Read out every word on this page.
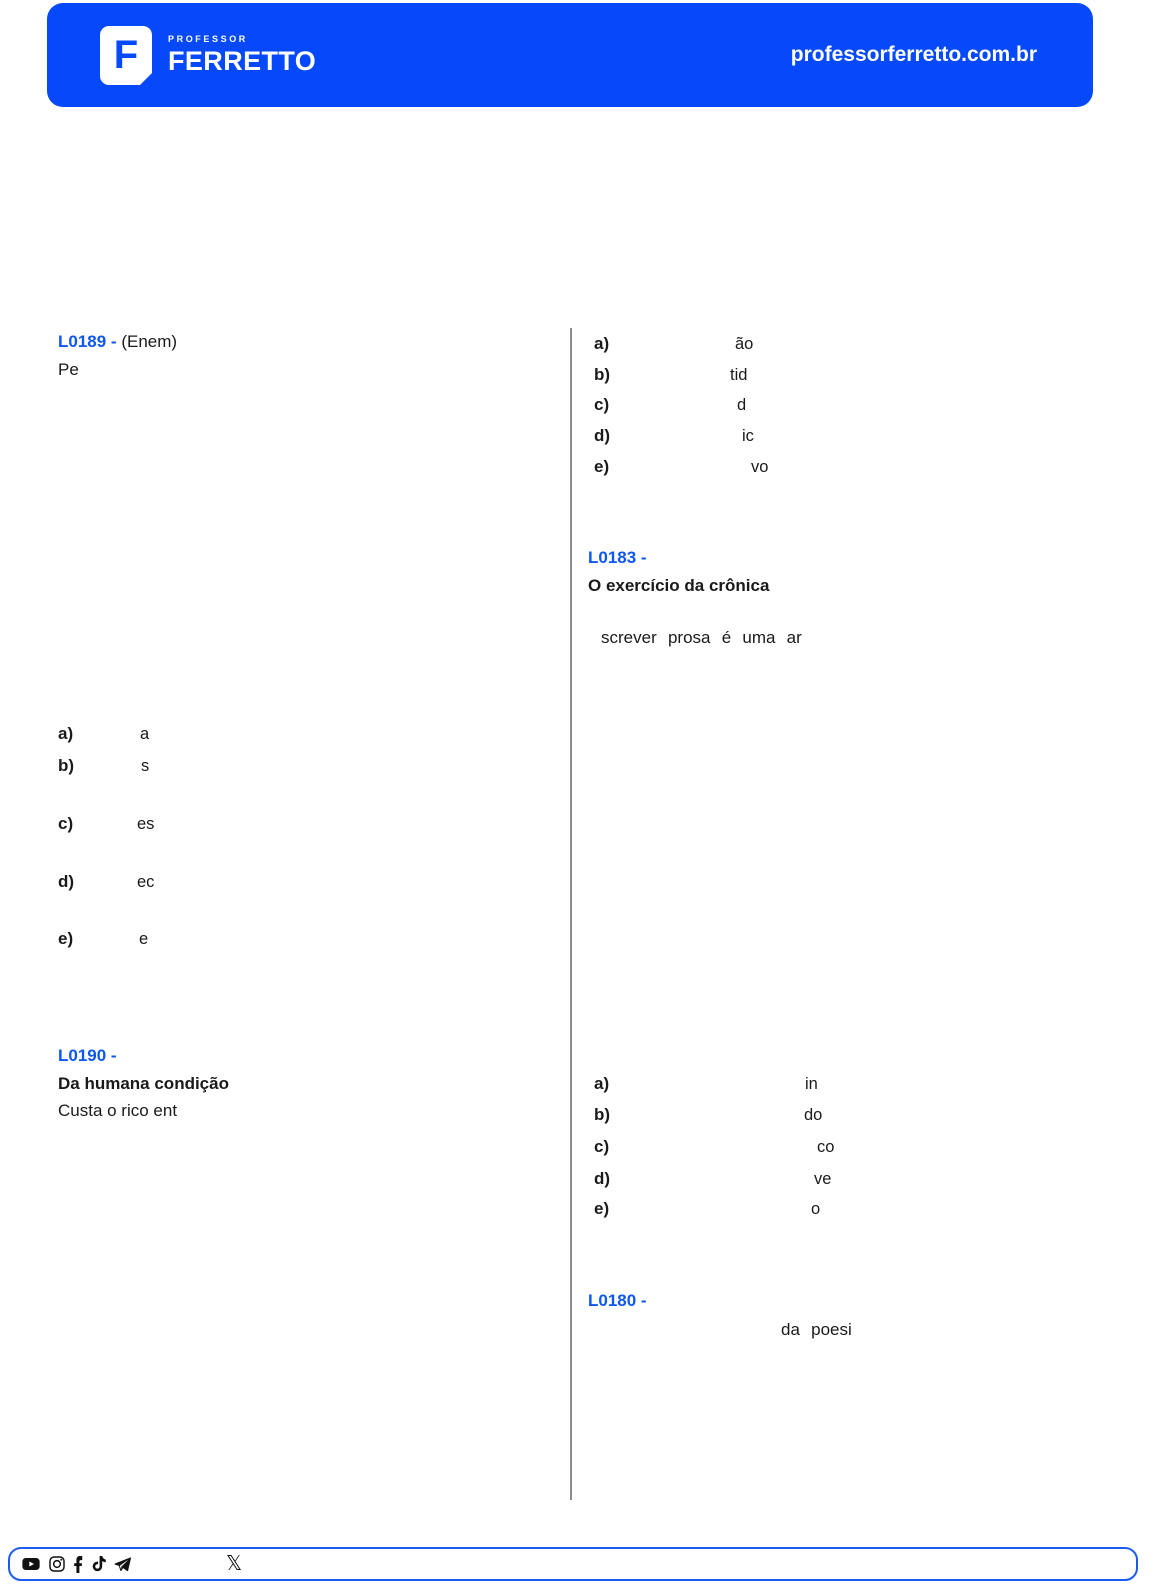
F	PROFESSOR
FERRETTO	professorferretto.com.br
L0189 - (Enem)
Pe
a)	a
b)	s
c)	es
d)	ec
e)	e
L0190 -
Da humana condição
Custa o rico ent
a)	ão
b)	tid
c)	d
d)	ic
e)	vo
L0183 -
O exercício da crônica
screver prosa é uma ar
a)	in
b)	do
c)	co
d)	ve
e)	o
L0180 -
da poesi
𝕏
